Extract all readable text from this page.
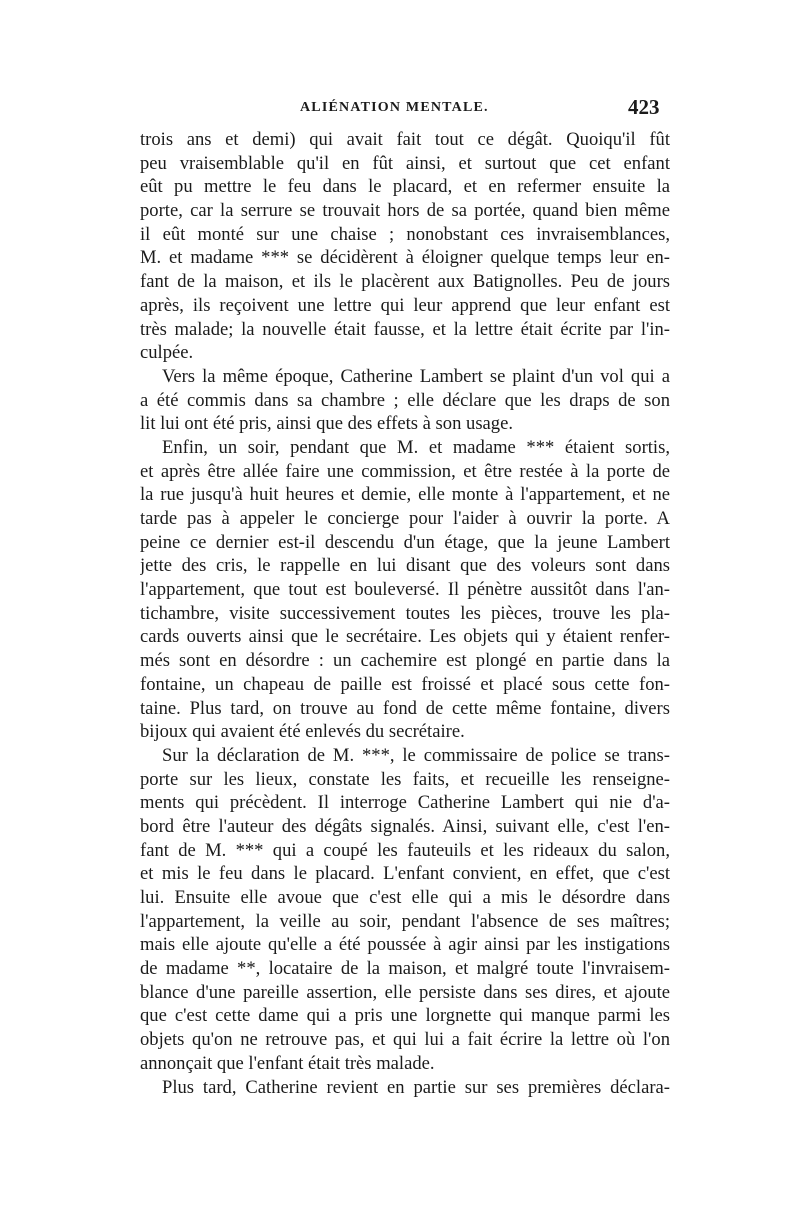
ALIÉNATION MENTALE.	423
trois ans et demi) qui avait fait tout ce dégât. Quoiqu'il fût
peu vraisemblable qu'il en fût ainsi, et surtout que cet enfant
eût pu mettre le feu dans le placard, et en refermer ensuite la
porte, car la serrure se trouvait hors de sa portée, quand bien même
il eût monté sur une chaise ; nonobstant ces invraisemblances,
M. et madame *** se décidèrent à éloigner quelque temps leur en-
fant de la maison, et ils le placèrent aux Batignolles. Peu de jours
après, ils reçoivent une lettre qui leur apprend que leur enfant est
très malade; la nouvelle était fausse, et la lettre était écrite par l'in-
culpée.
Vers la même époque, Catherine Lambert se plaint d'un vol qui a
a été commis dans sa chambre ; elle déclare que les draps de son
lit lui ont été pris, ainsi que des effets à son usage.
Enfin, un soir, pendant que M. et madame *** étaient sortis,
et après être allée faire une commission, et être restée à la porte de
la rue jusqu'à huit heures et demie, elle monte à l'appartement, et ne
tarde pas à appeler le concierge pour l'aider à ouvrir la porte. A
peine ce dernier est-il descendu d'un étage, que la jeune Lambert
jette des cris, le rappelle en lui disant que des voleurs sont dans
l'appartement, que tout est bouleversé. Il pénètre aussitôt dans l'an-
tichambre, visite successivement toutes les pièces, trouve les pla-
cards ouverts ainsi que le secrétaire. Les objets qui y étaient renfer-
més sont en désordre : un cachemire est plongé en partie dans la
fontaine, un chapeau de paille est froissé et placé sous cette fon-
taine. Plus tard, on trouve au fond de cette même fontaine, divers
bijoux qui avaient été enlevés du secrétaire.
Sur la déclaration de M. ***, le commissaire de police se trans-
porte sur les lieux, constate les faits, et recueille les renseigne-
ments qui précèdent. Il interroge Catherine Lambert qui nie d'a-
bord être l'auteur des dégâts signalés. Ainsi, suivant elle, c'est l'en-
fant de M. *** qui a coupé les fauteuils et les rideaux du salon,
et mis le feu dans le placard. L'enfant convient, en effet, que c'est
lui. Ensuite elle avoue que c'est elle qui a mis le désordre dans
l'appartement, la veille au soir, pendant l'absence de ses maîtres;
mais elle ajoute qu'elle a été poussée à agir ainsi par les instigations
de madame **, locataire de la maison, et malgré toute l'invraisem-
blance d'une pareille assertion, elle persiste dans ses dires, et ajoute
que c'est cette dame qui a pris une lorgnette qui manque parmi les
objets qu'on ne retrouve pas, et qui lui a fait écrire la lettre où l'on
annonçait que l'enfant était très malade.
Plus tard, Catherine revient en partie sur ses premières déclara-
